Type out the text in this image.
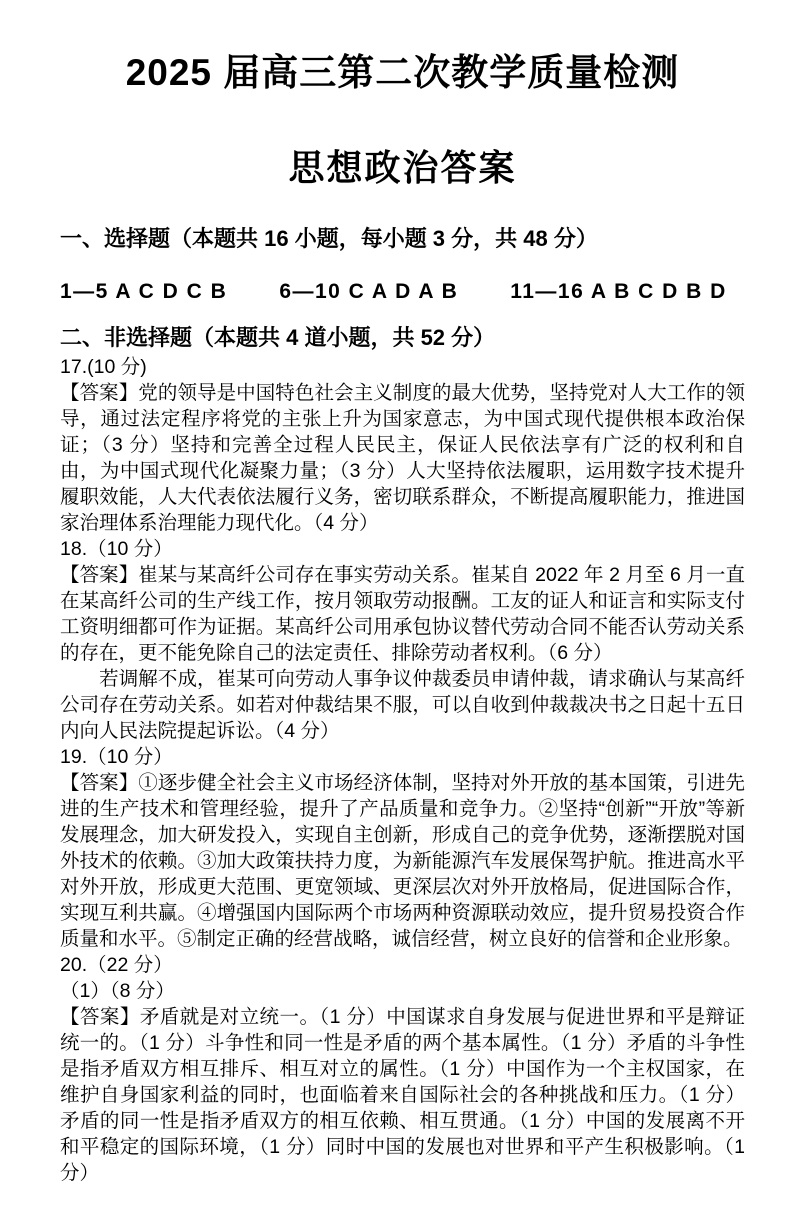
2025 届高三第二次教学质量检测
思想政治答案
一、选择题（本题共 16 小题，每小题 3 分，共 48 分）
1—5 A C D C B 6—10 C A D A B 11—16 A B C D B D
二、非选择题（本题共 4 道小题，共 52 分）
17.(10 分)

【答案】党的领导是中国特色社会主义制度的最大优势，坚持党对人大工作的领导，通过法定程序将党的主张上升为国家意志，为中国式现代提供根本政治保证；（3 分）坚持和完善全过程人民民主，保证人民依法享有广泛的权利和自由，为中国式现代化凝聚力量；（3 分）人大坚持依法履职，运用数字技术提升履职效能，人大代表依法履行义务，密切联系群众，不断提高履职能力，推进国家治理体系治理能力现代化。（4 分）

18.（10 分）

【答案】崔某与某高纤公司存在事实劳动关系。崔某自 2022 年 2 月至 6 月一直在某高纤公司的生产线工作，按月领取劳动报酬。工友的证人和证言和实际支付工资明细都可作为证据。某高纤公司用承包协议替代劳动合同不能否认劳动关系的存在，更不能免除自己的法定责任、排除劳动者权利。（6 分）

　　若调解不成，崔某可向劳动人事争议仲裁委员申请仲裁，请求确认与某高纤公司存在劳动关系。如若对仲裁结果不服，可以自收到仲裁裁决书之日起十五日内向人民法院提起诉讼。（4 分）

19.（10 分）

【答案】①逐步健全社会主义市场经济体制，坚持对外开放的基本国策，引进先进的生产技术和管理经验，提升了产品质量和竞争力。②坚持“创新”“开放”等新发展理念，加大研发投入，实现自主创新，形成自己的竞争优势，逐渐摆脱对国外技术的依赖。③加大政策扶持力度，为新能源汽车发展保驾护航。推进高水平对外开放，形成更大范围、更宽领域、更深层次对外开放格局，促进国际合作，实现互利共赢。④增强国内国际两个市场两种资源联动效应，提升贸易投资合作质量和水平。⑤制定正确的经营战略，诚信经营，树立良好的信誉和企业形象。

20.（22 分）
（1）（8 分）

【答案】矛盾就是对立统一。（1 分）中国谋求自身发展与促进世界和平是辩证统一的。（1 分）斗争性和同一性是矛盾的两个基本属性。（1 分）矛盾的斗争性是指矛盾双方相互排斥、相互对立的属性。（1 分）中国作为一个主权国家，在维护自身国家利益的同时，也面临着来自国际社会的各种挑战和压力。（1 分）矛盾的同一性是指矛盾双方的相互依赖、相互贯通。（1 分）中国的发展离不开和平稳定的国际环境，（1 分）同时中国的发展也对世界和平产生积极影响。（1 分）
